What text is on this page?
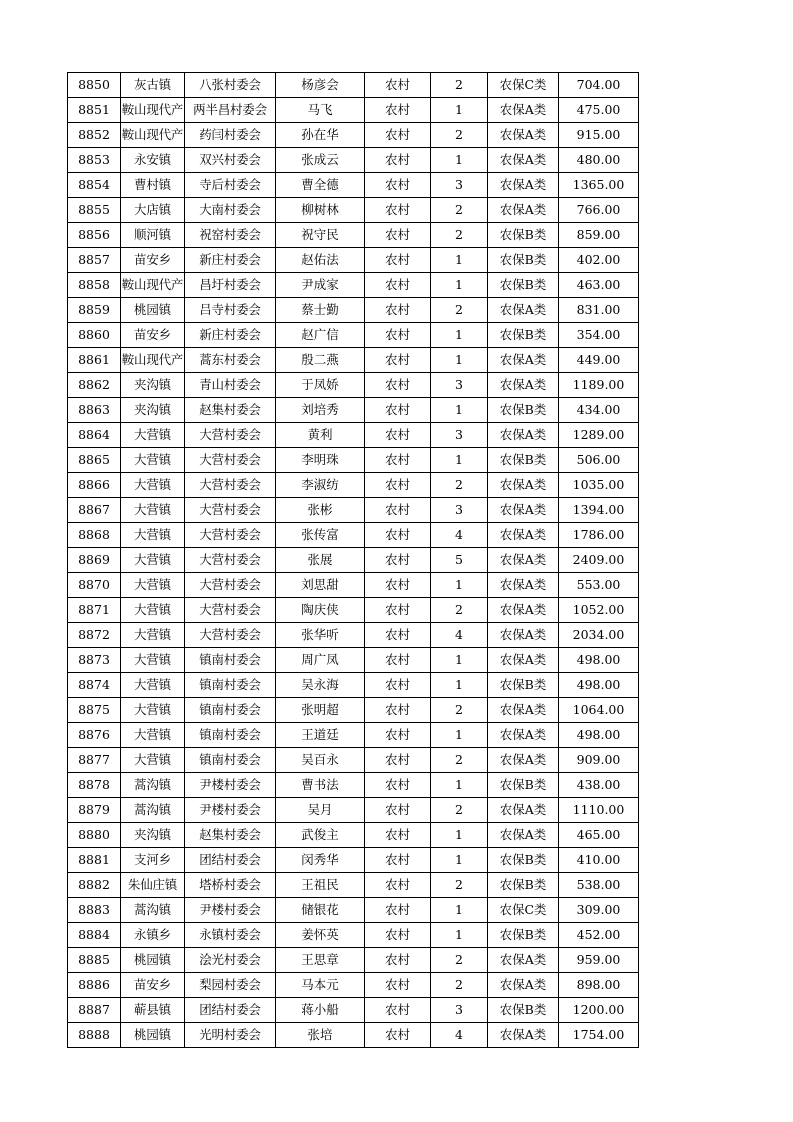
8850	灰古镇	八张村委会	杨彦会	农村	2	农保C类	704.00
8851	鞍山现代产	两半昌村委会	马飞	农村	1	农保A类	475.00
8852	鞍山现代产	药闫村委会	孙在华	农村	2	农保A类	915.00
8853	永安镇	双兴村委会	张成云	农村	1	农保A类	480.00
8854	曹村镇	寺后村委会	曹全德	农村	3	农保A类	1365.00
8855	大店镇	大南村委会	柳树林	农村	2	农保A类	766.00
8856	顺河镇	祝窑村委会	祝守民	农村	2	农保B类	859.00
8857	苗安乡	新庄村委会	赵佑法	农村	1	农保B类	402.00
8858	鞍山现代产	昌圩村委会	尹成家	农村	1	农保B类	463.00
8859	桃园镇	吕寺村委会	蔡士勤	农村	2	农保A类	831.00
8860	苗安乡	新庄村委会	赵广信	农村	1	农保B类	354.00
8861	鞍山现代产	蒿东村委会	殷二燕	农村	1	农保A类	449.00
8862	夹沟镇	青山村委会	于凤娇	农村	3	农保A类	1189.00
8863	夹沟镇	赵集村委会	刘培秀	农村	1	农保B类	434.00
8864	大营镇	大营村委会	黄利	农村	3	农保A类	1289.00
8865	大营镇	大营村委会	李明珠	农村	1	农保B类	506.00
8866	大营镇	大营村委会	李淑纺	农村	2	农保A类	1035.00
8867	大营镇	大营村委会	张彬	农村	3	农保A类	1394.00
8868	大营镇	大营村委会	张传富	农村	4	农保A类	1786.00
8869	大营镇	大营村委会	张展	农村	5	农保A类	2409.00
8870	大营镇	大营村委会	刘思甜	农村	1	农保A类	553.00
8871	大营镇	大营村委会	陶庆侠	农村	2	农保A类	1052.00
8872	大营镇	大营村委会	张华听	农村	4	农保A类	2034.00
8873	大营镇	镇南村委会	周广凤	农村	1	农保A类	498.00
8874	大营镇	镇南村委会	吴永海	农村	1	农保B类	498.00
8875	大营镇	镇南村委会	张明超	农村	2	农保A类	1064.00
8876	大营镇	镇南村委会	王道廷	农村	1	农保A类	498.00
8877	大营镇	镇南村委会	吴百永	农村	2	农保A类	909.00
8878	蒿沟镇	尹楼村委会	曹书法	农村	1	农保B类	438.00
8879	蒿沟镇	尹楼村委会	吴月	农村	2	农保A类	1110.00
8880	夹沟镇	赵集村委会	武俊主	农村	1	农保A类	465.00
8881	支河乡	团结村委会	闵秀华	农村	1	农保B类	410.00
8882	朱仙庄镇	塔桥村委会	王祖民	农村	2	农保B类	538.00
8883	蒿沟镇	尹楼村委会	储银花	农村	1	农保C类	309.00
8884	永镇乡	永镇村委会	姜怀英	农村	1	农保B类	452.00
8885	桃园镇	浍光村委会	王思章	农村	2	农保A类	959.00
8886	苗安乡	梨园村委会	马本元	农村	2	农保A类	898.00
8887	蕲县镇	团结村委会	蒋小船	农村	3	农保B类	1200.00
8888	桃园镇	光明村委会	张培	农村	4	农保A类	1754.00
